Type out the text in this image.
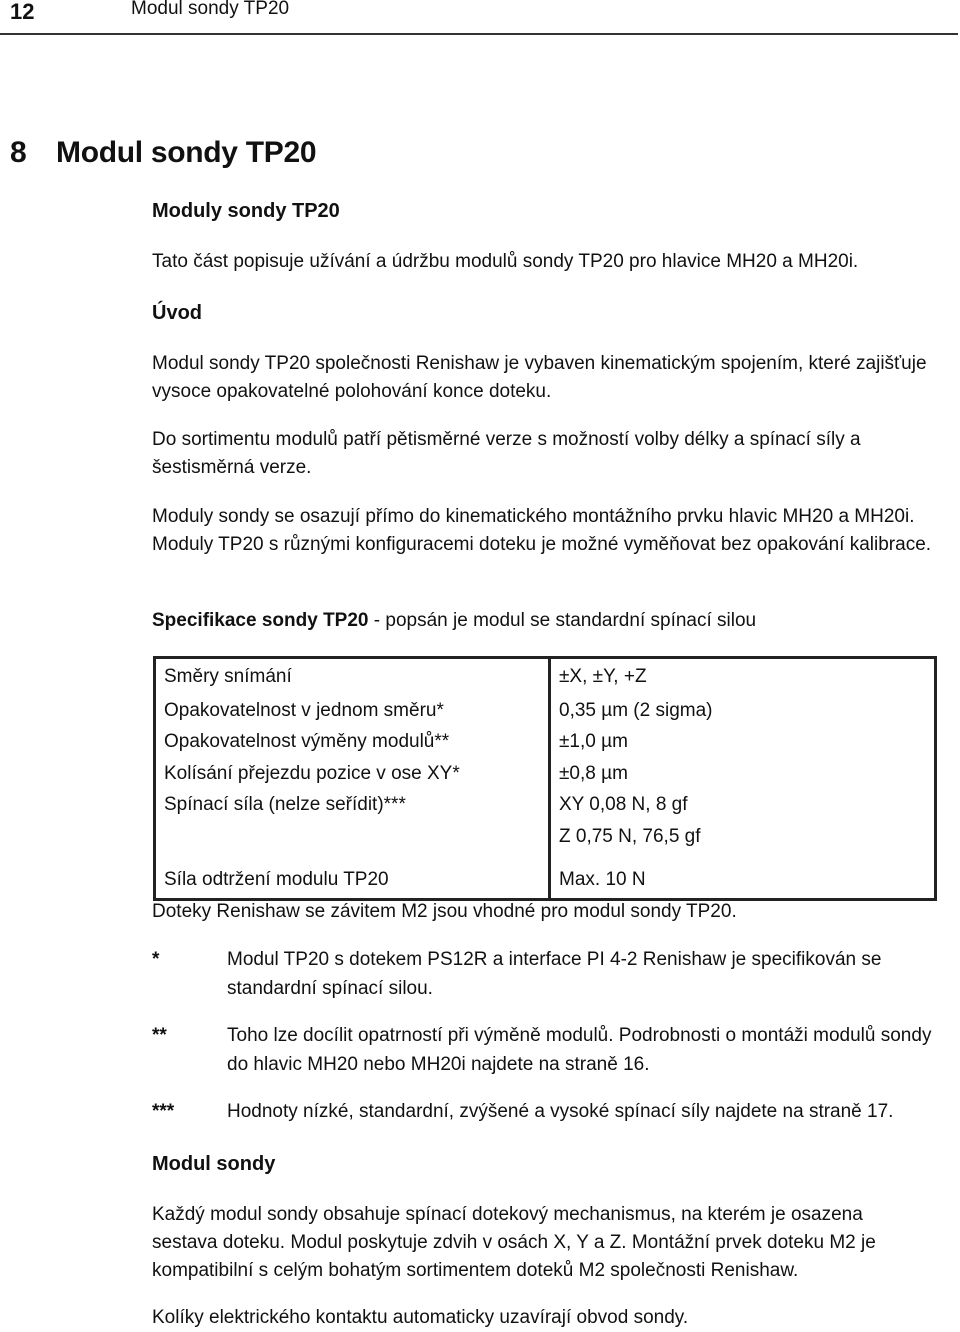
12	Modul sondy TP20
8 Modul sondy TP20
Moduly sondy TP20
Tato část popisuje užívání a údržbu modulů sondy TP20 pro hlavice MH20 a MH20i.
Úvod
Modul sondy TP20 společnosti Renishaw je vybaven kinematickým spojením, které zajišťuje vysoce opakovatelné polohování konce doteku.
Do sortimentu modulů patří pětisměrné verze s možností volby délky a spínací síly a šestisměrná verze.
Moduly sondy se osazují přímo do kinematického montážního prvku hlavic MH20 a MH20i. Moduly TP20 s různými konfiguracemi doteku je možné vyměňovat bez opakování kalibrace.
Specifikace sondy TP20 - popsán je modul se standardní spínací silou
Směry snímání	±X, ±Y, +Z
Opakovatelnost v jednom směru*	0,35 µm (2 sigma)
Opakovatelnost výměny modulů**	±1,0 µm
Kolísání přejezdu pozice v ose XY*	±0,8 µm
Spínací síla (nelze seřídit)***	XY 0,08 N, 8 gf
Z 0,75 N, 76,5 gf

Síla odtržení modulu TP20	Max. 10 N
Doteky Renishaw se závitem M2 jsou vhodné pro modul sondy TP20.
*	Modul TP20 s dotekem PS12R a interface PI 4-2 Renishaw je specifikován se standardní spínací silou.
**	Toho lze docílit opatrností při výměně modulů. Podrobnosti o montáži modulů sondy do hlavic MH20 nebo MH20i najdete na straně 16.
***	Hodnoty nízké, standardní, zvýšené a vysoké spínací síly najdete na straně 17.
Modul sondy
Každý modul sondy obsahuje spínací dotekový mechanismus, na kterém je osazena sestava doteku. Modul poskytuje zdvih v osách X, Y a Z. Montážní prvek doteku M2 je kompatibilní s celým bohatým sortimentem doteků M2 společnosti Renishaw.
Kolíky elektrického kontaktu automaticky uzavírají obvod sondy.
